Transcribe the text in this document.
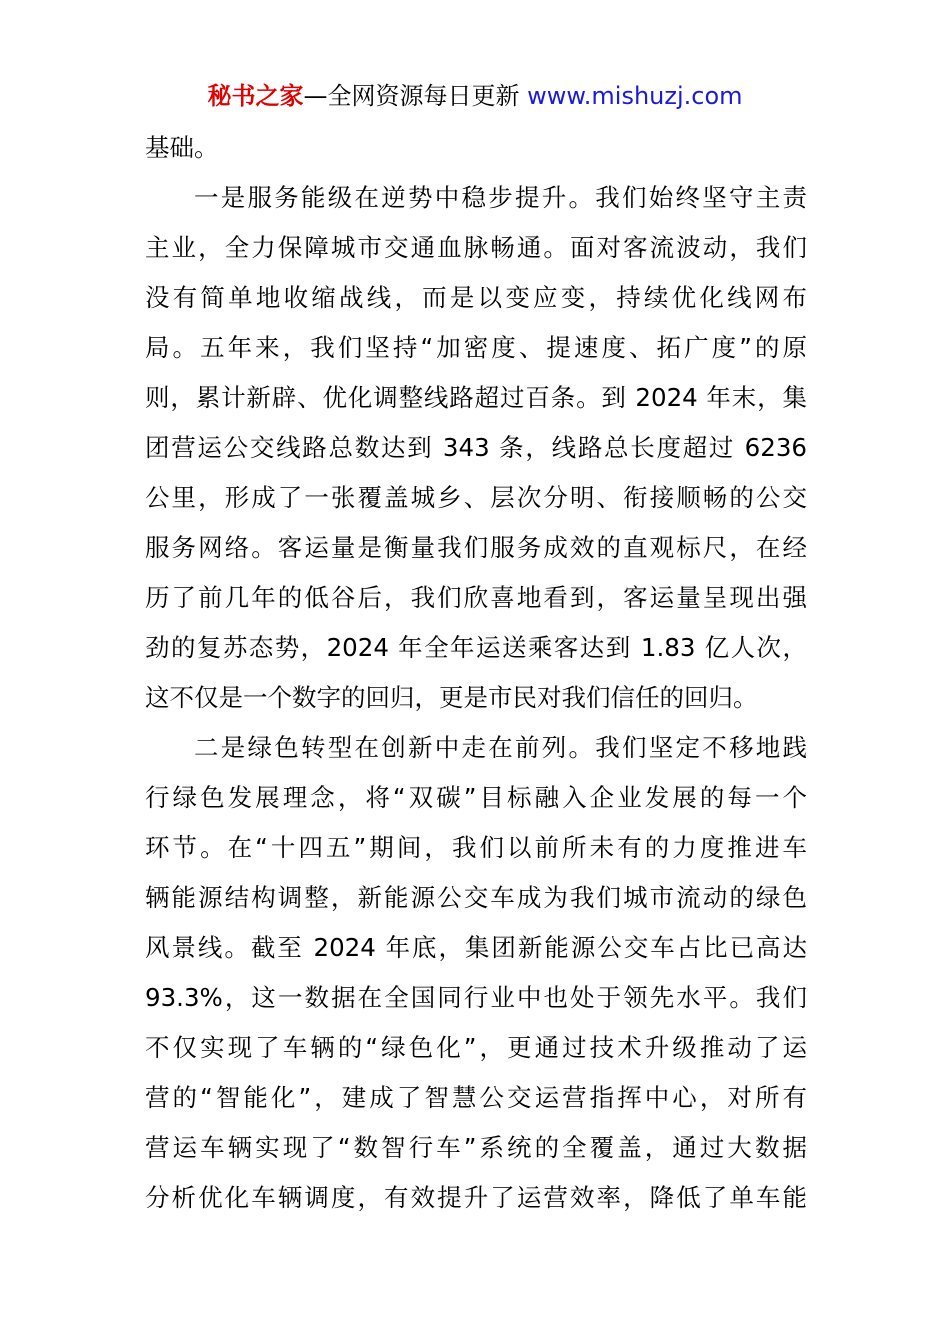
秘书之家—全网资源每日更新 www.mishuzj.com
基础。
一是服务能级在逆势中稳步提升。我们始终坚守主责
主业，全力保障城市交通血脉畅通。面对客流波动，我们
没有简单地收缩战线，而是以变应变，持续优化线网布
局。五年来，我们坚持“加密度、提速度、拓广度”的原
则，累计新辟、优化调整线路超过百条。到 2024 年末，集
团营运公交线路总数达到 343 条，线路总长度超过 6236
公里，形成了一张覆盖城乡、层次分明、衔接顺畅的公交
服务网络。客运量是衡量我们服务成效的直观标尺，在经
历了前几年的低谷后，我们欣喜地看到，客运量呈现出强
劲的复苏态势，2024 年全年运送乘客达到 1.83 亿人次，
这不仅是一个数字的回归，更是市民对我们信任的回归。
二是绿色转型在创新中走在前列。我们坚定不移地践
行绿色发展理念，将“双碳”目标融入企业发展的每一个
环节。在“十四五”期间，我们以前所未有的力度推进车
辆能源结构调整，新能源公交车成为我们城市流动的绿色
风景线。截至 2024 年底，集团新能源公交车占比已高达
93.3%，这一数据在全国同行业中也处于领先水平。我们
不仅实现了车辆的“绿色化”，更通过技术升级推动了运
营的“智能化”，建成了智慧公交运营指挥中心，对所有
营运车辆实现了“数智行车”系统的全覆盖，通过大数据
分析优化车辆调度，有效提升了运营效率，降低了单车能
